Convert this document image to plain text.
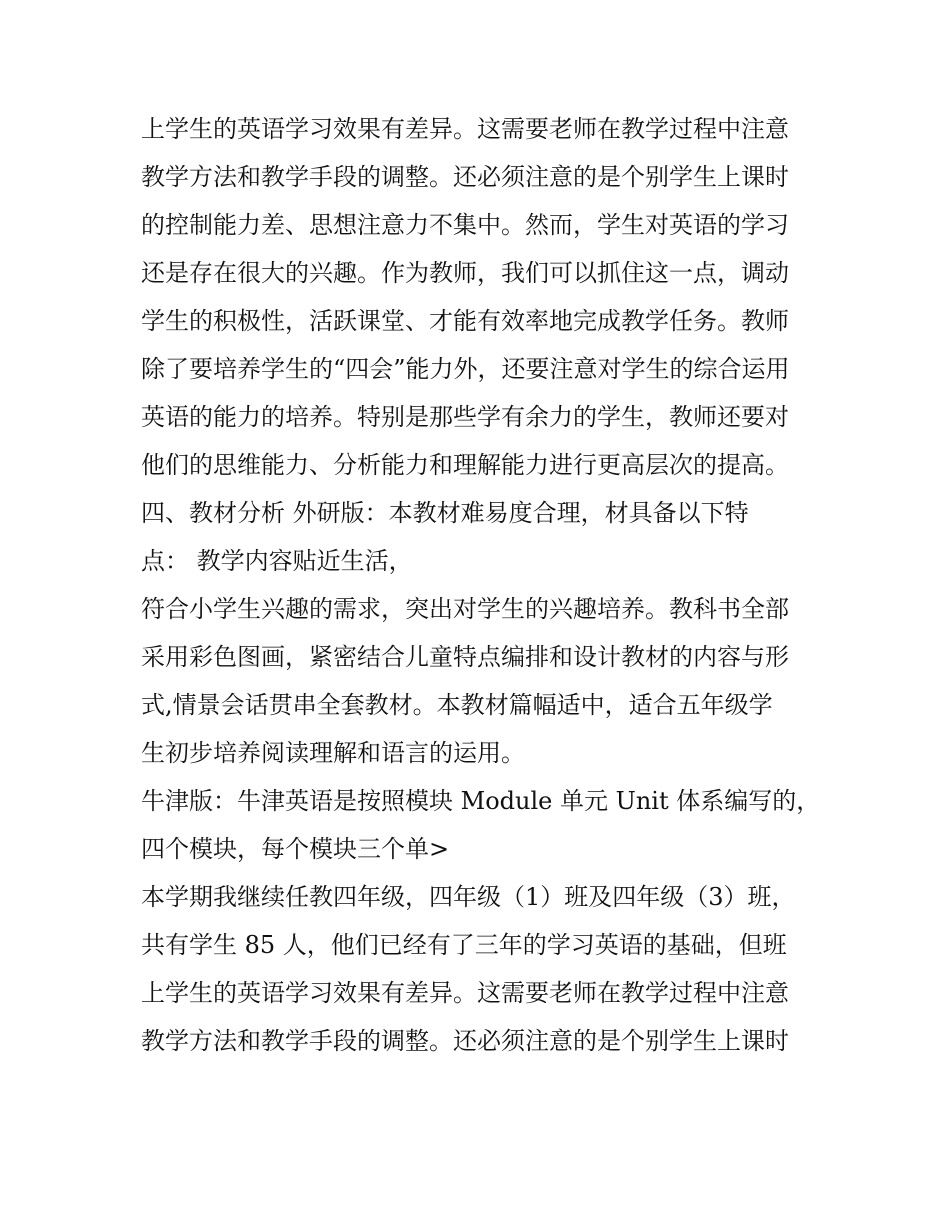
上学生的英语学习效果有差异。这需要老师在教学过程中注意
教学方法和教学手段的调整。还必须注意的是个别学生上课时
的控制能力差、思想注意力不集中。然而，学生对英语的学习
还是存在很大的兴趣。作为教师，我们可以抓住这一点，调动
学生的积极性，活跃课堂、才能有效率地完成教学任务。教师
除了要培养学生的“四会”能力外，还要注意对学生的综合运用
英语的能力的培养。特别是那些学有余力的学生，教师还要对
他们的思维能力、分析能力和理解能力进行更高层次的提高。
四、教材分析 外研版：本教材难易度合理，材具备以下特
点： 教学内容贴近生活，
符合小学生兴趣的需求，突出对学生的兴趣培养。教科书全部
采用彩色图画，紧密结合儿童特点编排和设计教材的内容与形
式,情景会话贯串全套教材。本教材篇幅适中，适合五年级学
生初步培养阅读理解和语言的运用。
牛津版：牛津英语是按照模块 Module 单元 Unit 体系编写的，
四个模块，每个模块三个单>
本学期我继续任教四年级，四年级（1）班及四年级（3）班，
共有学生 85 人，他们已经有了三年的学习英语的基础，但班
上学生的英语学习效果有差异。这需要老师在教学过程中注意
教学方法和教学手段的调整。还必须注意的是个别学生上课时
